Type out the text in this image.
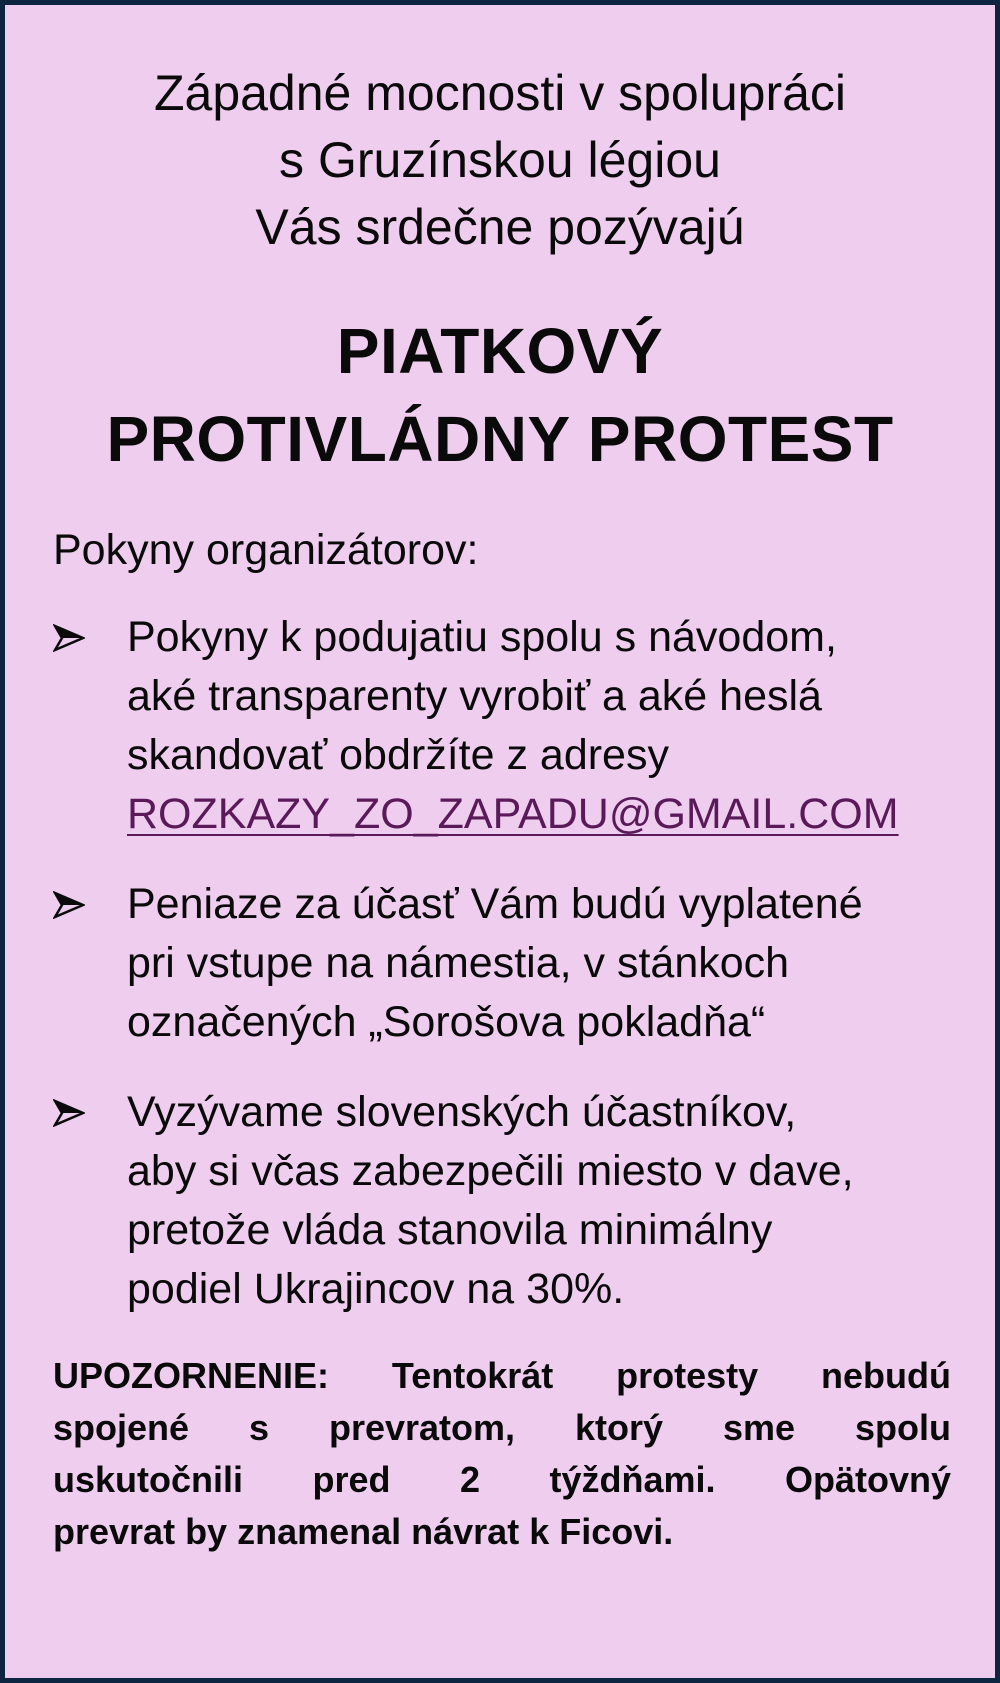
Západné mocnosti v spolupráci
s Gruzínskou légiou
Vás srdečne pozývajú
PIATKOVÝ
PROTIVLÁDNY PROTEST
Pokyny organizátorov:
Pokyny k podujatiu spolu s návodom,
aké transparenty vyrobiť a aké heslá
skandovať obdržíte z adresy
ROZKAZY_ZO_ZAPADU@GMAIL.COM
Peniaze za účasť Vám budú vyplatené
pri vstupe na námestia, v stánkoch
označených „Sorošova pokladňa“
Vyzývame slovenských účastníkov,
aby si včas zabezpečili miesto v dave,
pretože vláda stanovila minimálny
podiel Ukrajincov na 30%.
UPOZORNENIE: Tentokrát protesty nebudú
spojené s prevratom, ktorý sme spolu
uskutočnili pred 2 týždňami. Opätovný
prevrat by znamenal návrat k Ficovi.
